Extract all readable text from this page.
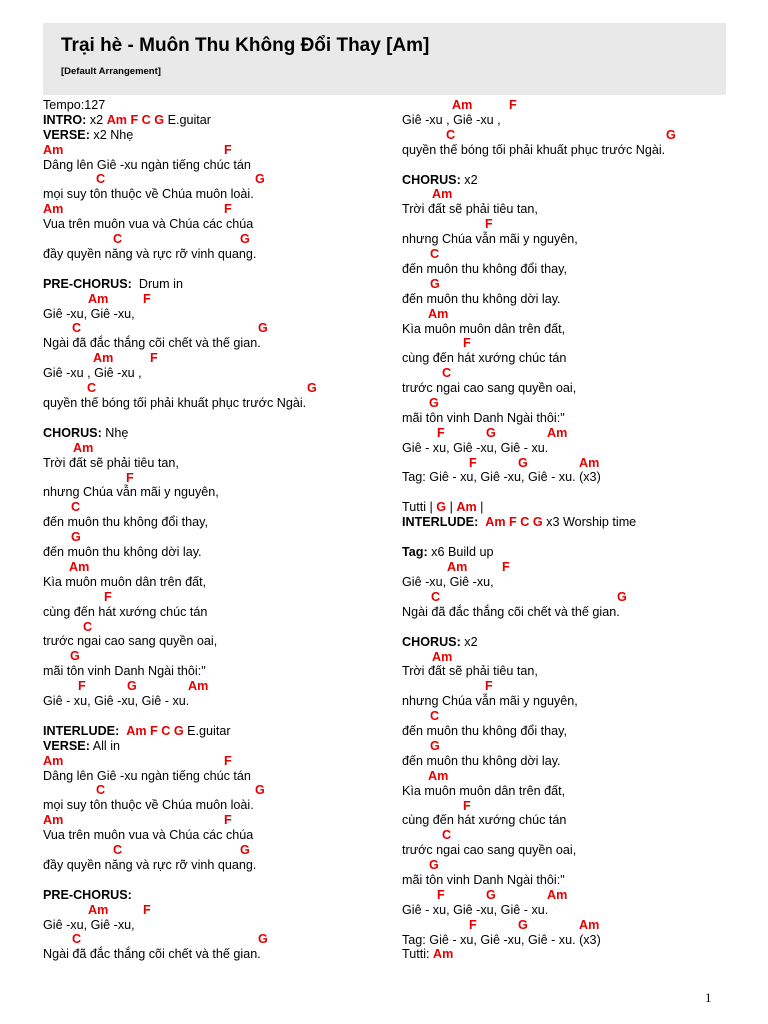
Trại hè - Muôn Thu Không Đổi Thay [Am]
[Default Arrangement]
Tempo:127
INTRO: x2 Am F C G E.guitar
VERSE: x2 Nhẹ
Am	F
Dâng lên Giê -xu ngàn tiếng chúc tán
C	G
mọi suy tôn thuộc về Chúa muôn loài.
Am	F
Vua trên muôn vua và Chúa các chúa
C	G
đầy quyền năng và rực rỡ vinh quang.
PRE-CHORUS: Drum in
Am	F
Giê -xu, Giê -xu,
C	G
Ngài đã đắc thắng cõi chết và thế gian.
Am	F
Giê -xu , Giê -xu ,
C	G
quyền thế bóng tối phải khuất phục trước Ngài.
CHORUS: Nhẹ
Am
Trời đất sẽ phải tiêu tan,
F
nhưng Chúa vẫn mãi y nguyên,
C
đến muôn thu không đổi thay,
G
đến muôn thu không dời lay.
Am
Kìa muôn muôn dân trên đất,
F
cùng đến hát xướng chúc tán
C
trước ngai cao sang quyền oai,
G
mãi tôn vinh Danh Ngài thôi:"
F	G	Am
Giê - xu, Giê -xu, Giê - xu.
INTERLUDE: Am F C G E.guitar
VERSE: All in
Am	F
Dâng lên Giê -xu ngàn tiếng chúc tán
C	G
mọi suy tôn thuộc về Chúa muôn loài.
Am	F
Vua trên muôn vua và Chúa các chúa
C	G
đầy quyền năng và rực rỡ vinh quang.
PRE-CHORUS:
Am	F
Giê -xu, Giê -xu,
C	G
Ngài đã đắc thắng cõi chết và thế gian.
Am	F
Giê -xu , Giê -xu ,
C	G
quyền thế bóng tối phải khuất phục trước Ngài.
CHORUS: x2
Am
Trời đất sẽ phải tiêu tan,
F
nhưng Chúa vẫn mãi y nguyên,
C
đến muôn thu không đổi thay,
G
đến muôn thu không dời lay.
Am
Kìa muôn muôn dân trên đất,
F
cùng đến hát xướng chúc tán
C
trước ngai cao sang quyền oai,
G
mãi tôn vinh Danh Ngài thôi:"
F	G	Am
Giê - xu, Giê -xu, Giê - xu.
F	G	Am
Tag: Giê - xu, Giê -xu, Giê - xu. (x3)
Tutti | G | Am |
INTERLUDE: Am F C G x3 Worship time
Tag: x6 Build up
Am	F
Giê -xu, Giê -xu,
C	G
Ngài đã đắc thắng cõi chết và thế gian.
CHORUS: x2
Am
Trời đất sẽ phải tiêu tan,
F
nhưng Chúa vẫn mãi y nguyên,
C
đến muôn thu không đổi thay,
G
đến muôn thu không dời lay.
Am
Kìa muôn muôn dân trên đất,
F
cùng đến hát xướng chúc tán
C
trước ngai cao sang quyền oai,
G
mãi tôn vinh Danh Ngài thôi:"
F	G	Am
Giê - xu, Giê -xu, Giê - xu.
F	G	Am
Tag: Giê - xu, Giê -xu, Giê - xu. (x3)
Tutti: Am
1
